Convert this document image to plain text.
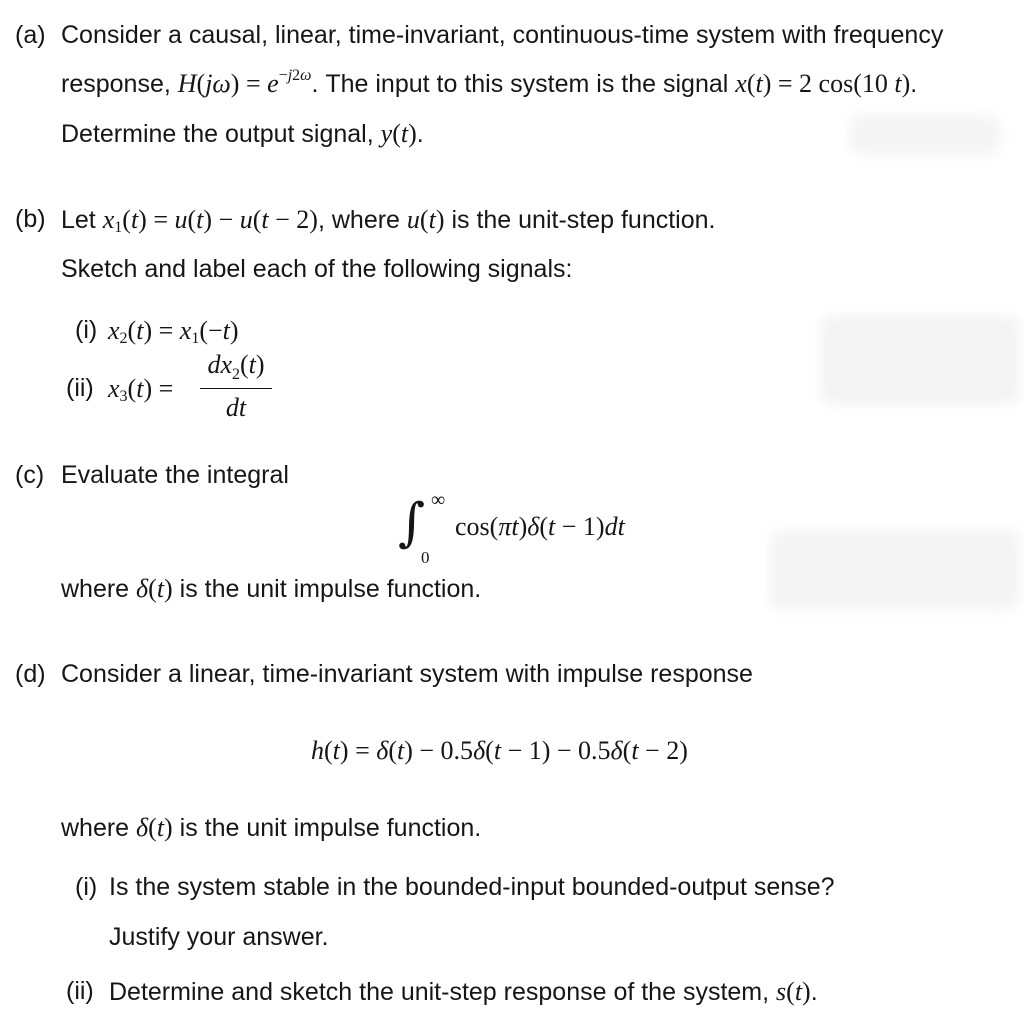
(a) Consider a causal, linear, time-invariant, continuous-time system with frequency
response, $H(j\omega) = e^{-j2\omega}$. The input to this system is the signal x(t) = 2 cos(10 t).
Determine the output signal, y(t).
(b) Let $x_1(t) = u(t) - u(t - 2)$, where u(t) is the unit-step function.
Sketch and label each of the following signals:
(i) $x_2(t) = x_1(-t)$
(ii) $x_3(t)$ =
$dx_2(t)$
dt
(c) Evaluate the integral
∫ ∞
0
cos(πt)δ(t − 1)dt
where δ(t) is the unit impulse function.
(d) Consider a linear, time-invariant system with impulse response
h(t) = δ(t) − 0.5δ(t − 1) − 0.5δ(t − 2)
where δ(t) is the unit impulse function.
(i) Is the system stable in the bounded-input bounded-output sense?
Justify your answer.
(ii) Determine and sketch the unit-step response of the system, s(t).
